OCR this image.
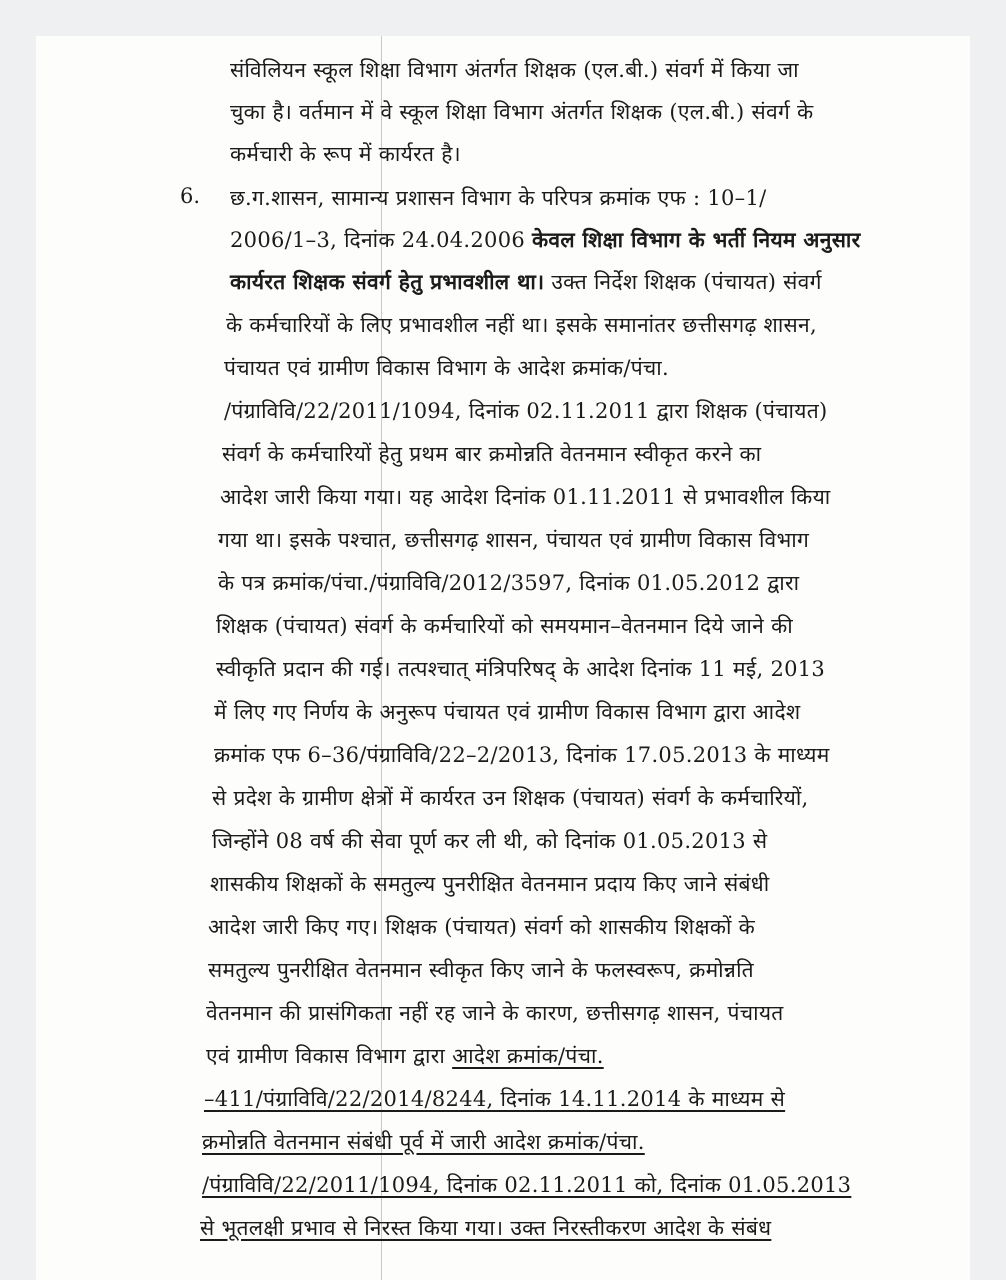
संविलियन स्कूल शिक्षा विभाग अंतर्गत शिक्षक (एल.बी.) संवर्ग में किया जा
चुका है। वर्तमान में वे स्कूल शिक्षा विभाग अंतर्गत शिक्षक (एल.बी.) संवर्ग के
कर्मचारी के रूप में कार्यरत है।
6. छ.ग.शासन, सामान्य प्रशासन विभाग के परिपत्र क्रमांक एफ : 10–1/
2006/1–3, दिनांक 24.04.2006 केवल शिक्षा विभाग के भर्ती नियम अनुसार
कार्यरत शिक्षक संवर्ग हेतु प्रभावशील था। उक्त निर्देश शिक्षक (पंचायत) संवर्ग
के कर्मचारियों के लिए प्रभावशील नहीं था। इसके समानांतर छत्तीसगढ़ शासन,
पंचायत एवं ग्रामीण विकास विभाग के आदेश क्रमांक/पंचा.
/पंग्राविवि/22/2011/1094, दिनांक 02.11.2011 द्वारा शिक्षक (पंचायत)
संवर्ग के कर्मचारियों हेतु प्रथम बार क्रमोन्नति वेतनमान स्वीकृत करने का
आदेश जारी किया गया। यह आदेश दिनांक 01.11.2011 से प्रभावशील किया
गया था। इसके पश्चात, छत्तीसगढ़ शासन, पंचायत एवं ग्रामीण विकास विभाग
के पत्र क्रमांक/पंचा./पंग्राविवि/2012/3597, दिनांक 01.05.2012 द्वारा
शिक्षक (पंचायत) संवर्ग के कर्मचारियों को समयमान–वेतनमान दिये जाने की
स्वीकृति प्रदान की गई। तत्पश्चात् मंत्रिपरिषद् के आदेश दिनांक 11 मई, 2013
में लिए गए निर्णय के अनुरूप पंचायत एवं ग्रामीण विकास विभाग द्वारा आदेश
क्रमांक एफ 6–36/पंग्राविवि/22–2/2013, दिनांक 17.05.2013 के माध्यम
से प्रदेश के ग्रामीण क्षेत्रों में कार्यरत उन शिक्षक (पंचायत) संवर्ग के कर्मचारियों,
जिन्होंने 08 वर्ष की सेवा पूर्ण कर ली थी, को दिनांक 01.05.2013 से
शासकीय शिक्षकों के समतुल्य पुनरीक्षित वेतनमान प्रदाय किए जाने संबंधी
आदेश जारी किए गए। शिक्षक (पंचायत) संवर्ग को शासकीय शिक्षकों के
समतुल्य पुनरीक्षित वेतनमान स्वीकृत किए जाने के फलस्वरूप, क्रमोन्नति
वेतनमान की प्रासंगिकता नहीं रह जाने के कारण, छत्तीसगढ़ शासन, पंचायत
एवं ग्रामीण विकास विभाग द्वारा आदेश क्रमांक/पंचा.
–411/पंग्राविवि/22/2014/8244, दिनांक 14.11.2014 के माध्यम से
क्रमोन्नति वेतनमान संबंधी पूर्व में जारी आदेश क्रमांक/पंचा.
/पंग्राविवि/22/2011/1094, दिनांक 02.11.2011 को, दिनांक 01.05.2013
से भूतलक्षी प्रभाव से निरस्त किया गया। उक्त निरस्तीकरण आदेश के संबंध
